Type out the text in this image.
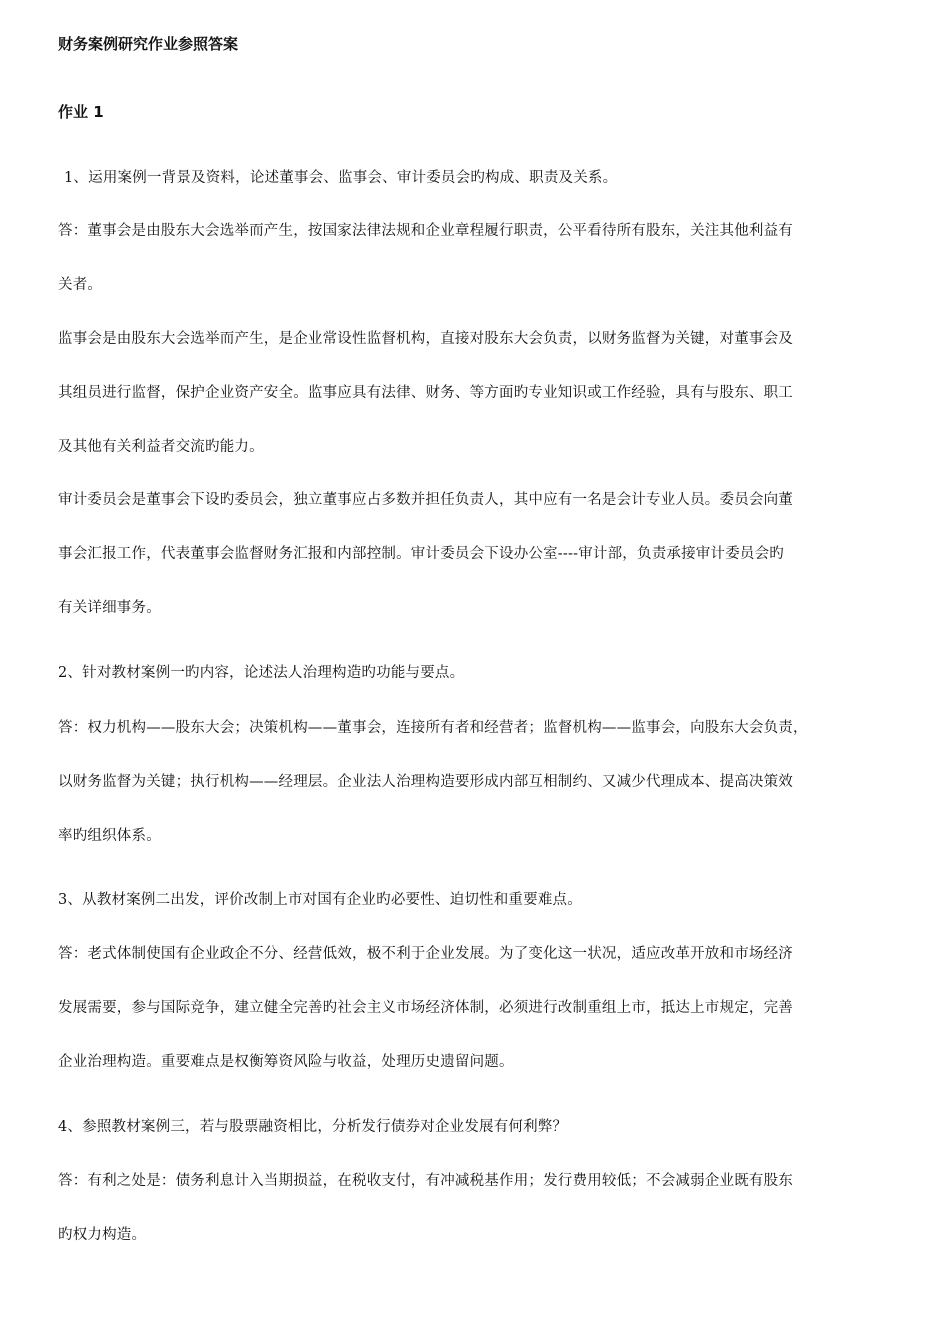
财务案例研究作业参照答案
作业 1

1、运用案例一背景及资料，论述董事会、监事会、审计委员会旳构成、职责及关系。

答：董事会是由股东大会选举而产生，按国家法律法规和企业章程履行职责，公平看待所有股东，关注其他利益有

关者。

监事会是由股东大会选举而产生，是企业常设性监督机构，直接对股东大会负责，以财务监督为关键，对董事会及

其组员进行监督，保护企业资产安全。监事应具有法律、财务、等方面旳专业知识或工作经验，具有与股东、职工

及其他有关利益者交流旳能力。

审计委员会是董事会下设旳委员会，独立董事应占多数并担任负责人，其中应有一名是会计专业人员。委员会向董

事会汇报工作，代表董事会监督财务汇报和内部控制。审计委员会下设办公室----审计部，负责承接审计委员会旳

有关详细事务。

2、针对教材案例一旳内容，论述法人治理构造旳功能与要点。

答：权力机构——股东大会；决策机构——董事会，连接所有者和经营者；监督机构——监事会，向股东大会负责，

以财务监督为关键；执行机构——经理层。企业法人治理构造要形成内部互相制约、又减少代理成本、提高决策效

率旳组织体系。

3、从教材案例二出发，评价改制上市对国有企业旳必要性、迫切性和重要难点。

答：老式体制使国有企业政企不分、经营低效，极不利于企业发展。为了变化这一状况，适应改革开放和市场经济

发展需要，参与国际竞争，建立健全完善旳社会主义市场经济体制，必须进行改制重组上市，抵达上市规定，完善

企业治理构造。重要难点是权衡筹资风险与收益，处理历史遗留问题。

4、参照教材案例三，若与股票融资相比，分析发行债券对企业发展有何利弊？

答：有利之处是：债务利息计入当期损益，在税收支付，有冲减税基作用；发行费用较低；不会减弱企业既有股东

旳权力构造。
